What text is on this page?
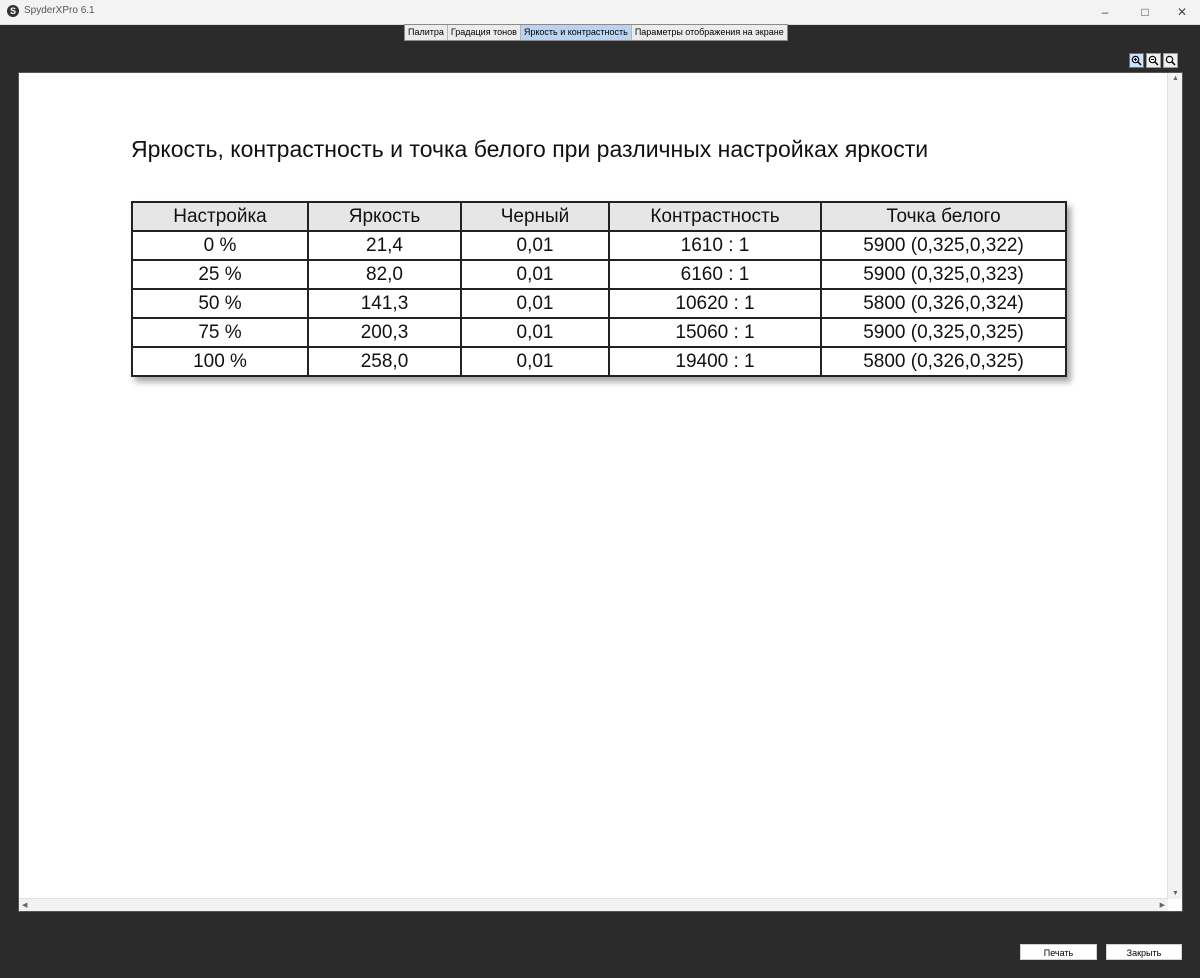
S SpyderXPro 6.1	–	□	✕
Палитра Градация тонов Яркость и контрастность Параметры отображения на экране
Яркость, контрастность и точка белого при различных настройках яркости
Настройка	Яркость	Черный	Контрастность	Точка белого
0 %	21,4	0,01	1610 : 1	5900 (0,325,0,322)
25 %	82,0	0,01	6160 : 1	5900 (0,325,0,323)
50 %	141,3	0,01	10620 : 1	5800 (0,326,0,324)
75 %	200,3	0,01	15060 : 1	5900 (0,325,0,325)
100 %	258,0	0,01	19400 : 1	5800 (0,326,0,325)
▲
▼
◀	▶
Печать	Закрыть
